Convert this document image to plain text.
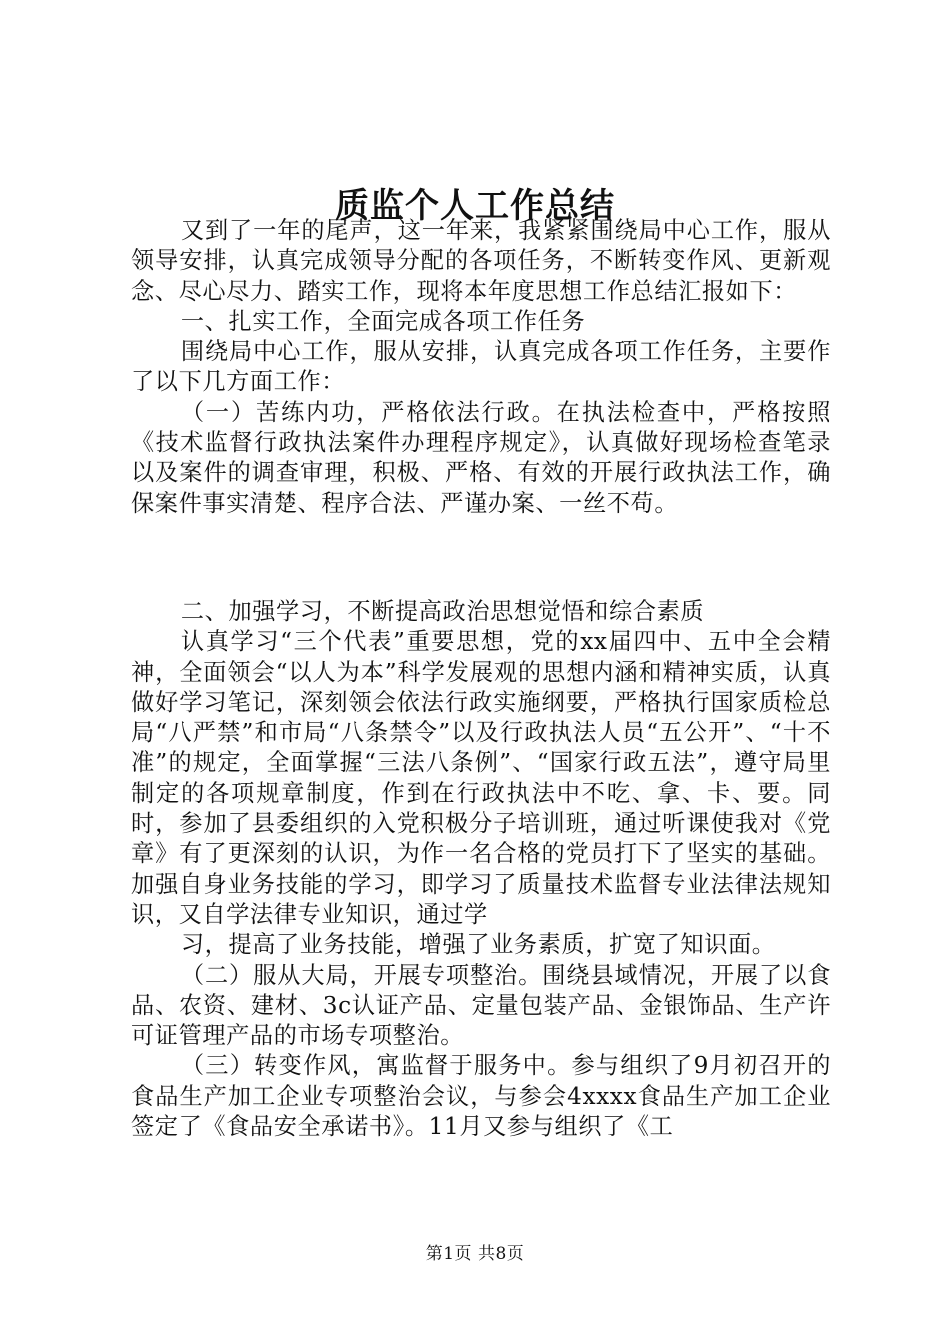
质监个人工作总结

又到了一年的尾声，这一年来，我紧紧围绕局中心工作，服从领导安排，认真完成领导分配的各项任务，不断转变作风、更新观念、尽心尽力、踏实工作，现将本年度思想工作总结汇报如下：

一、扎实工作，全面完成各项工作任务

围绕局中心工作，服从安排，认真完成各项工作任务，主要作了以下几方面工作：

（一）苦练内功，严格依法行政。在执法检查中，严格按照《技术监督行政执法案件办理程序规定》，认真做好现场检查笔录以及案件的调查审理，积极、严格、有效的开展行政执法工作，确保案件事实清楚、程序合法、严谨办案、一丝不苟。

二、加强学习，不断提高政治思想觉悟和综合素质

认真学习“三个代表”重要思想，党的xx届四中、五中全会精神，全面领会“以人为本”科学发展观的思想内涵和精神实质，认真做好学习笔记，深刻领会依法行政实施纲要，严格执行国家质检总局“八严禁”和市局“八条禁令”以及行政执法人员“五公开”、“十不准”的规定，全面掌握“三法八条例”、“国家行政五法”，遵守局里制定的各项规章制度，作到在行政执法中不吃、拿、卡、要。同时，参加了县委组织的入党积极分子培训班，通过听课使我对《党章》有了更深刻的认识，为作一名合格的党员打下了坚实的基础。加强自身业务技能的学习，即学习了质量技术监督专业法律法规知识，又自学法律专业知识，通过学

习，提高了业务技能，增强了业务素质，扩宽了知识面。

（二）服从大局，开展专项整治。围绕县域情况，开展了以食品、农资、建材、3c认证产品、定量包装产品、金银饰品、生产许可证管理产品的市场专项整治。

（三）转变作风，寓监督于服务中。参与组织了9月初召开的食品生产加工企业专项整治会议，与参会4xxxx食品生产加工企业签定了《食品安全承诺书》。11月又参与组织了《工

第1页 共8页
